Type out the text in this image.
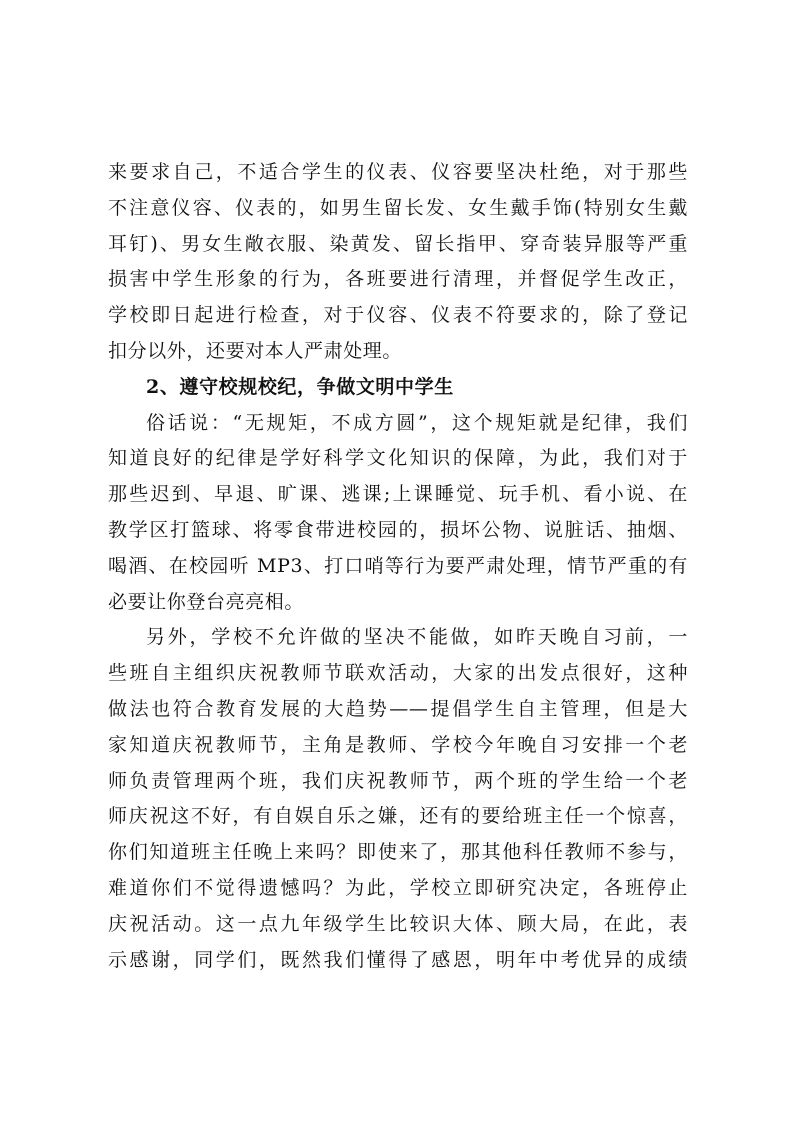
来要求自己，不适合学生的仪表、仪容要坚决杜绝，对于那些
不注意仪容、仪表的，如男生留长发、女生戴手饰(特别女生戴
耳钉)、男女生敞衣服、染黄发、留长指甲、穿奇装异服等严重
损害中学生形象的行为，各班要进行清理，并督促学生改正，
学校即日起进行检查，对于仪容、仪表不符要求的，除了登记
扣分以外，还要对本人严肃处理。

2、遵守校规校纪，争做文明中学生

俗话说：“无规矩，不成方圆”，这个规矩就是纪律，我们
知道良好的纪律是学好科学文化知识的保障，为此，我们对于
那些迟到、早退、旷课、逃课;上课睡觉、玩手机、看小说、在
教学区打篮球、将零食带进校园的，损坏公物、说脏话、抽烟、
喝酒、在校园听 MP3、打口哨等行为要严肃处理，情节严重的有
必要让你登台亮亮相。

另外，学校不允许做的坚决不能做，如昨天晚自习前，一
些班自主组织庆祝教师节联欢活动，大家的出发点很好，这种
做法也符合教育发展的大趋势——提倡学生自主管理，但是大
家知道庆祝教师节，主角是教师、学校今年晚自习安排一个老
师负责管理两个班，我们庆祝教师节，两个班的学生给一个老
师庆祝这不好，有自娱自乐之嫌，还有的要给班主任一个惊喜，
你们知道班主任晚上来吗？即使来了，那其他科任教师不参与，
难道你们不觉得遗憾吗？为此，学校立即研究决定，各班停止
庆祝活动。这一点九年级学生比较识大体、顾大局，在此，表
示感谢，同学们，既然我们懂得了感恩，明年中考优异的成绩
